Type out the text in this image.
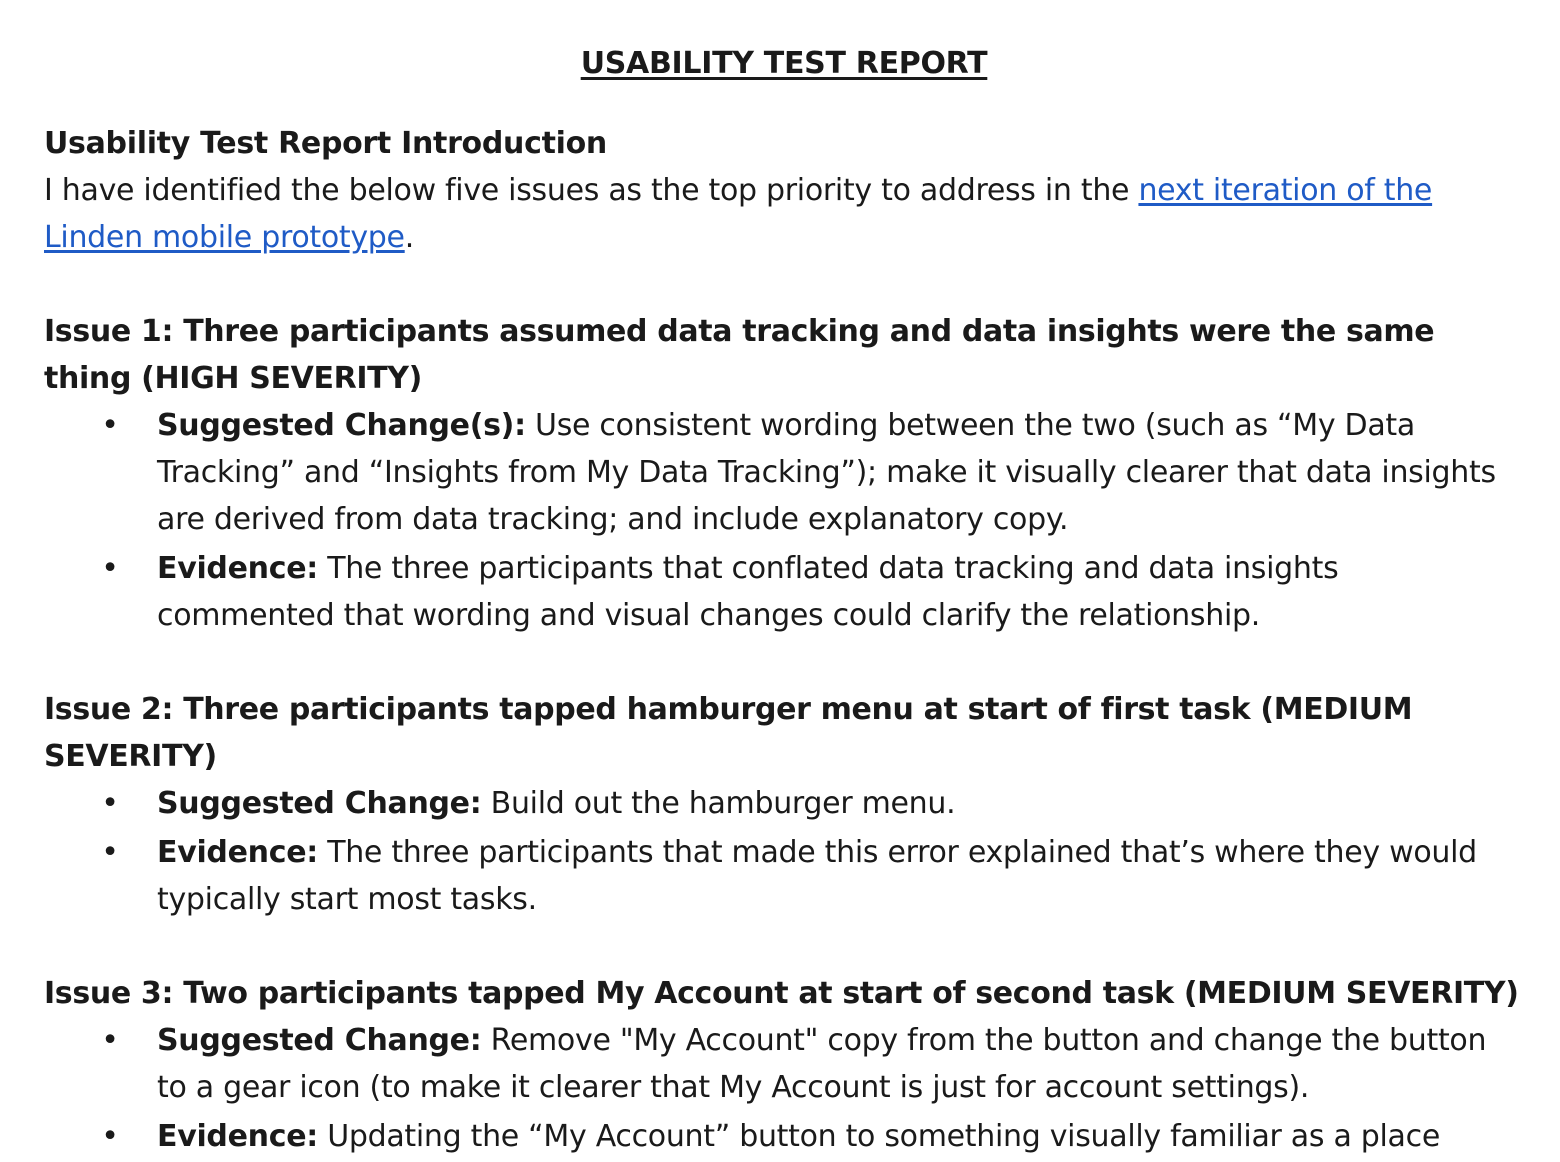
USABILITY TEST REPORT
Usability Test Report Introduction

I have identified the below five issues as the top priority to address in the next iteration of the Linden mobile prototype.

Issue 1: Three participants assumed data tracking and data insights were the same thing (HIGH SEVERITY)

• Suggested Change(s): Use consistent wording between the two (such as “My Data Tracking” and “Insights from My Data Tracking”); make it visually clearer that data insights are derived from data tracking; and include explanatory copy.
• Evidence: The three participants that conflated data tracking and data insights commented that wording and visual changes could clarify the relationship.

Issue 2: Three participants tapped hamburger menu at start of first task (MEDIUM SEVERITY)

• Suggested Change: Build out the hamburger menu.
• Evidence: The three participants that made this error explained that’s where they would typically start most tasks.

Issue 3: Two participants tapped My Account at start of second task (MEDIUM SEVERITY)

• Suggested Change: Remove "My Account" copy from the button and change the button to a gear icon (to make it clearer that My Account is just for account settings).
• Evidence: Updating the “My Account” button to something visually familiar as a place
